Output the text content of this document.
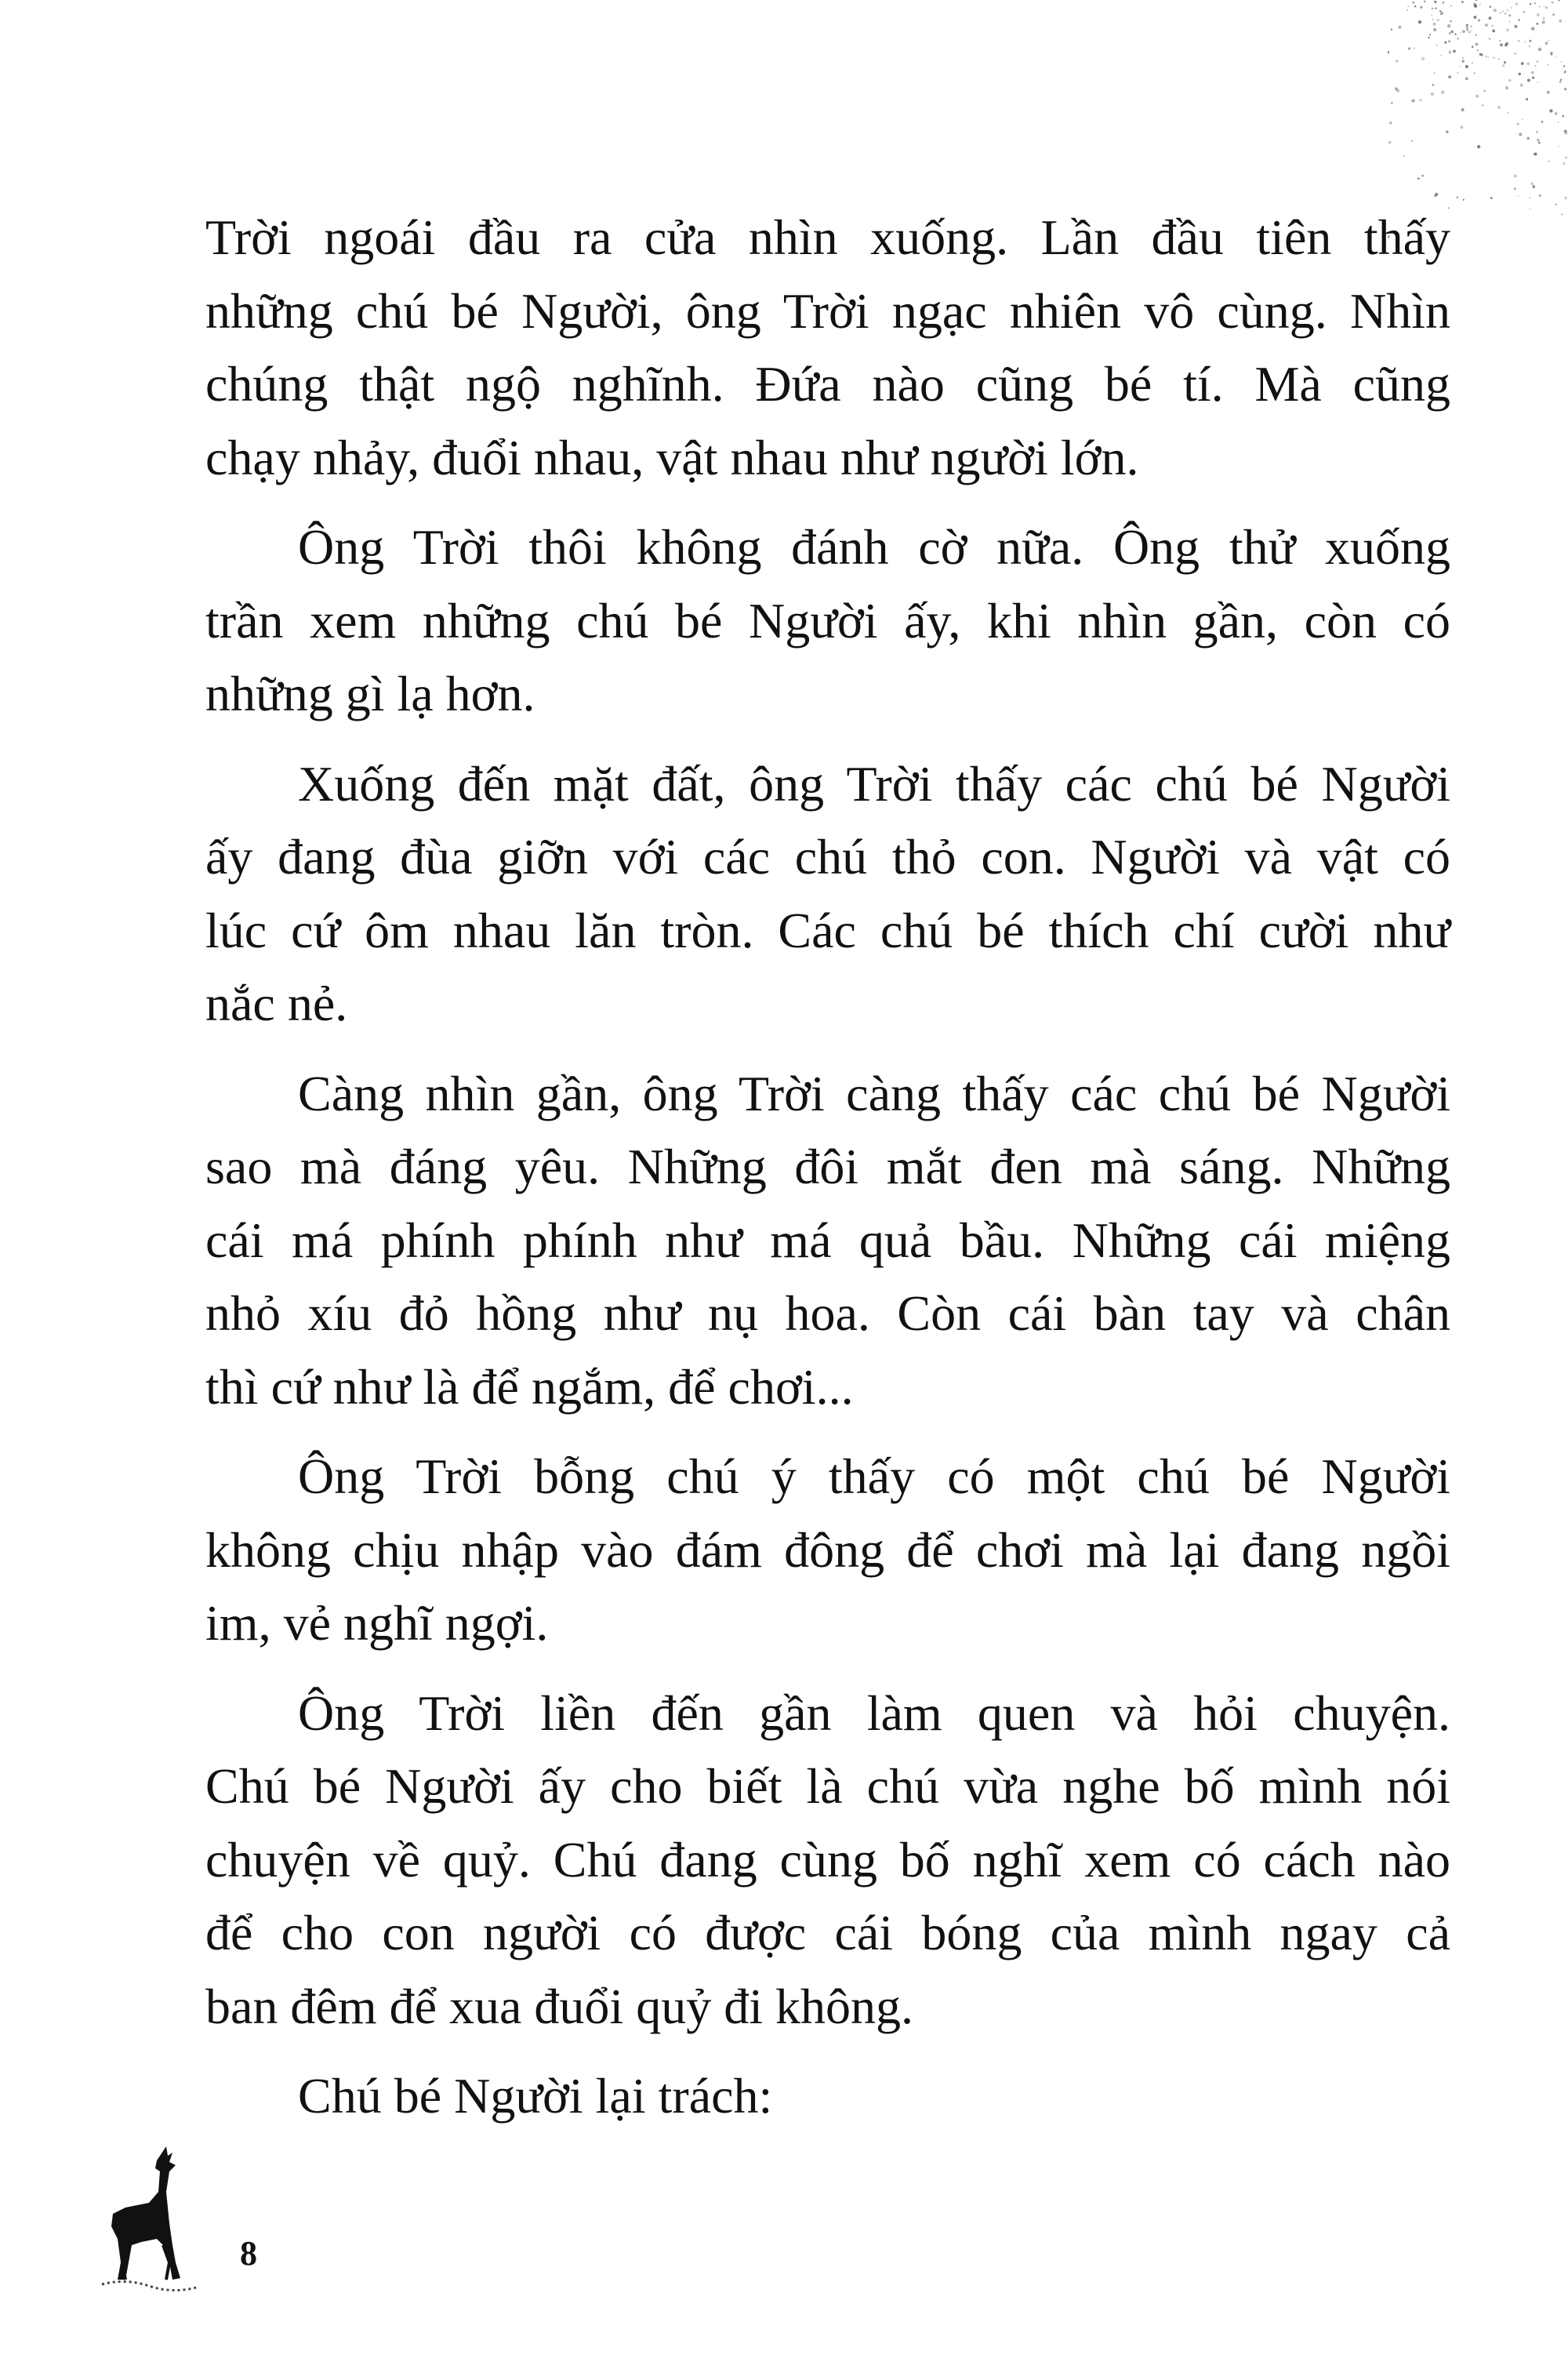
Trời ngoái đầu ra cửa nhìn xuống. Lần đầu tiên thấy
những chú bé Người, ông Trời ngạc nhiên vô cùng. Nhìn
chúng thật ngộ nghĩnh. Đứa nào cũng bé tí. Mà cũng
chạy nhảy, đuổi nhau, vật nhau như người lớn.
Ông Trời thôi không đánh cờ nữa. Ông thử xuống
trần xem những chú bé Người ấy, khi nhìn gần, còn có
những gì lạ hơn.
Xuống đến mặt đất, ông Trời thấy các chú bé Người
ấy đang đùa giỡn với các chú thỏ con. Người và vật có
lúc cứ ôm nhau lăn tròn. Các chú bé thích chí cười như
nắc nẻ.
Càng nhìn gần, ông Trời càng thấy các chú bé Người
sao mà đáng yêu. Những đôi mắt đen mà sáng. Những
cái má phính phính như má quả bầu. Những cái miệng
nhỏ xíu đỏ hồng như nụ hoa. Còn cái bàn tay và chân
thì cứ như là để ngắm, để chơi...
Ông Trời bỗng chú ý thấy có một chú bé Người
không chịu nhập vào đám đông để chơi mà lại đang ngồi
im, vẻ nghĩ ngợi.
Ông Trời liền đến gần làm quen và hỏi chuyện.
Chú bé Người ấy cho biết là chú vừa nghe bố mình nói
chuyện về quỷ. Chú đang cùng bố nghĩ xem có cách nào
để cho con người có được cái bóng của mình ngay cả
ban đêm để xua đuổi quỷ đi không.
Chú bé Người lại trách:
8
